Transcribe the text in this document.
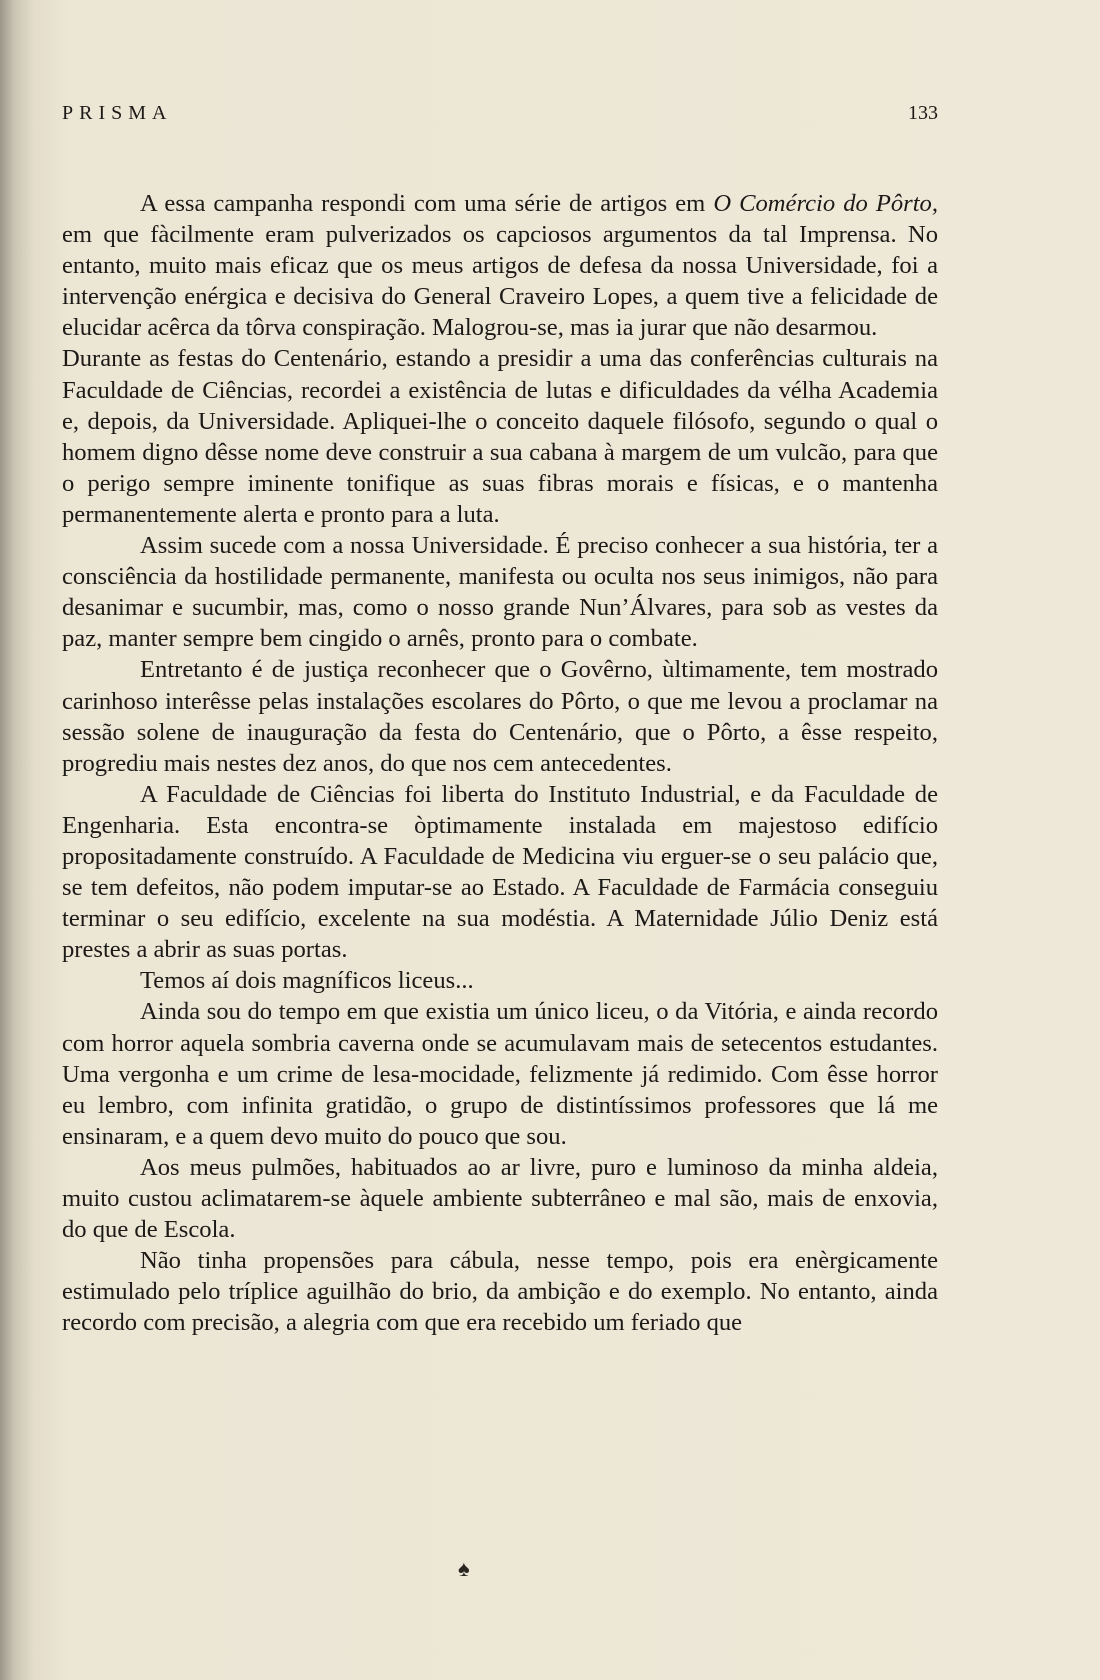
PRISMA	133

A essa campanha respondi com uma série de artigos em O Comércio do Pôrto, em que fàcilmente eram pulverizados os capciosos argumentos da tal Imprensa. No entanto, muito mais eficaz que os meus artigos de defesa da nossa Universidade, foi a intervenção enérgica e decisiva do General Craveiro Lopes, a quem tive a felicidade de elucidar acêrca da tôrva conspiração. Malogrou-se, mas ia jurar que não desarmou.

Durante as festas do Centenário, estando a presidir a uma das conferências culturais na Faculdade de Ciências, recordei a existência de lutas e dificuldades da vélha Academia e, depois, da Universidade. Apliquei-lhe o conceito daquele filósofo, segundo o qual o homem digno dêsse nome deve construir a sua cabana à margem de um vulcão, para que o perigo sempre iminente tonifique as suas fibras morais e físicas, e o mantenha permanentemente alerta e pronto para a luta.

Assim sucede com a nossa Universidade. É preciso conhecer a sua história, ter a consciência da hostilidade permanente, manifesta ou oculta nos seus inimigos, não para desanimar e sucumbir, mas, como o nosso grande Nun’Álvares, para sob as vestes da paz, manter sempre bem cingido o arnês, pronto para o combate.

Entretanto é de justiça reconhecer que o Govêrno, ùltimamente, tem mostrado carinhoso interêsse pelas instalações escolares do Pôrto, o que me levou a proclamar na sessão solene de inauguração da festa do Centenário, que o Pôrto, a êsse respeito, progrediu mais nestes dez anos, do que nos cem antecedentes.

A Faculdade de Ciências foi liberta do Instituto Industrial, e da Faculdade de Engenharia. Esta encontra-se òptimamente instalada em majestoso edifício propositadamente construído. A Faculdade de Medicina viu erguer-se o seu palácio que, se tem defeitos, não podem imputar-se ao Estado. A Faculdade de Farmácia conseguiu terminar o seu edifício, excelente na sua modéstia. A Maternidade Júlio Deniz está prestes a abrir as suas portas.

Temos aí dois magníficos liceus...

Ainda sou do tempo em que existia um único liceu, o da Vitória, e ainda recordo com horror aquela sombria caverna onde se acumulavam mais de setecentos estudantes. Uma vergonha e um crime de lesa-mocidade, felizmente já redimido. Com êsse horror eu lembro, com infinita gratidão, o grupo de distintíssimos professores que lá me ensinaram, e a quem devo muito do pouco que sou.

Aos meus pulmões, habituados ao ar livre, puro e luminoso da minha aldeia, muito custou aclimatarem-se àquele ambiente subterrâneo e mal são, mais de enxovia, do que de Escola.

Não tinha propensões para cábula, nesse tempo, pois era enèrgicamente estimulado pelo tríplice aguilhão do brio, da ambição e do exemplo. No entanto, ainda recordo com precisão, a alegria com que era recebido um feriado que

♠
